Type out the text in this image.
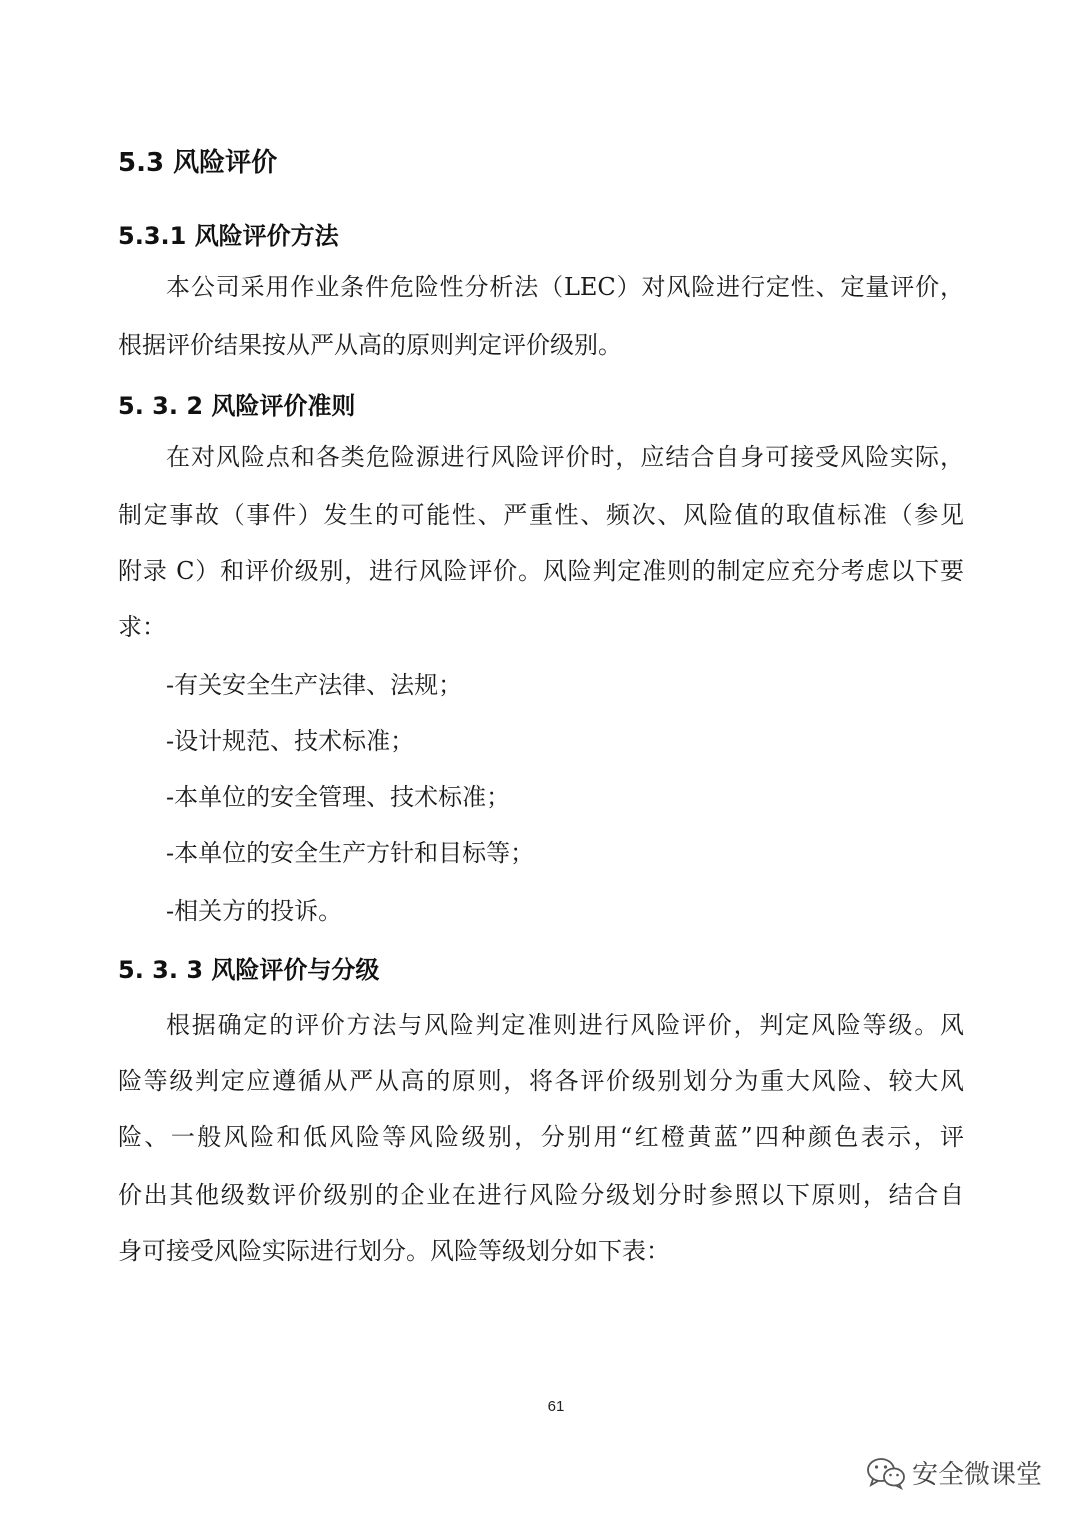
5.3 风险评价
5.3.1 风险评价方法
本公司采用作业条件危险性分析法（LEC）对风险进行定性、定量评价，
根据评价结果按从严从高的原则判定评价级别。
5. 3. 2 风险评价准则
在对风险点和各类危险源进行风险评价时，应结合自身可接受风险实际，
制定事故（事件）发生的可能性、严重性、频次、风险值的取值标准（参见
附录 C）和评价级别，进行风险评价。风险判定准则的制定应充分考虑以下要
求：
-有关安全生产法律、法规；
-设计规范、技术标准；
-本单位的安全管理、技术标准；
-本单位的安全生产方针和目标等；
-相关方的投诉。
5. 3. 3 风险评价与分级
根据确定的评价方法与风险判定准则进行风险评价，判定风险等级。风
险等级判定应遵循从严从高的原则，将各评价级别划分为重大风险、较大风
险、一般风险和低风险等风险级别，分别用“红橙黄蓝”四种颜色表示，评
价出其他级数评价级别的企业在进行风险分级划分时参照以下原则，结合自
身可接受风险实际进行划分。风险等级划分如下表：
61
安全微课堂
